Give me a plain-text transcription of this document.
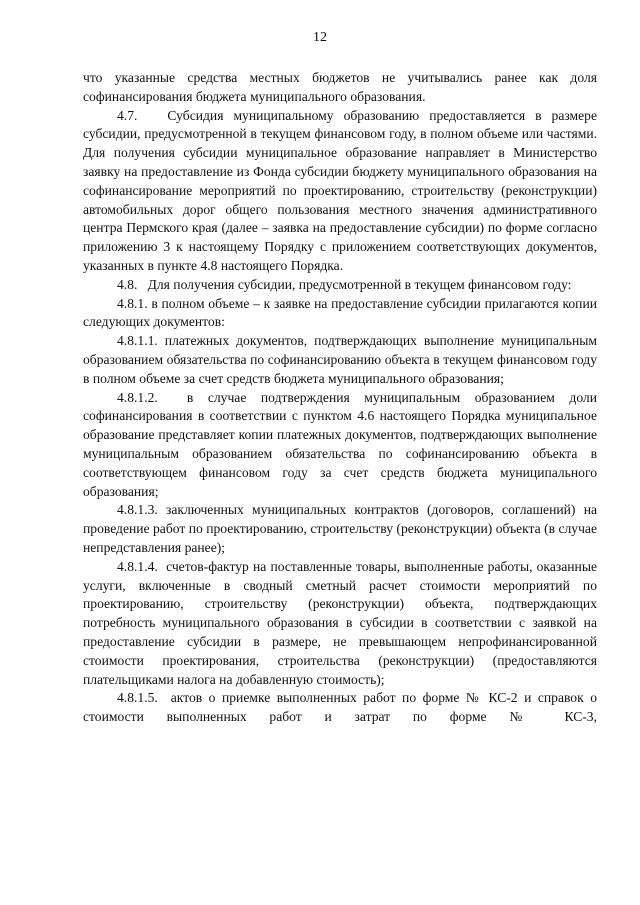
12

что указанные средства местных бюджетов не учитывались ранее как доля софинансирования бюджета муниципального образования.

4.7.   Субсидия муниципальному образованию предоставляется в размере субсидии, предусмотренной в текущем финансовом году, в полном объеме или частями. Для получения субсидии муниципальное образование направляет в Министерство заявку на предоставление из Фонда субсидии бюджету муниципального образования на софинансирование мероприятий по проектированию, строительству (реконструкции) автомобильных дорог общего пользования местного значения административного центра Пермского края (далее – заявка на предоставление субсидии) по форме согласно приложению 3 к настоящему Порядку с приложением соответствующих документов, указанных в пункте 4.8 настоящего Порядка.

4.8.   Для получения субсидии, предусмотренной в текущем финансовом году:

4.8.1. в полном объеме – к заявке на предоставление субсидии прилагаются копии следующих документов:

4.8.1.1. платежных документов, подтверждающих выполнение муниципальным образованием обязательства по софинансированию объекта в текущем финансовом году в полном объеме за счет средств бюджета муниципального образования;

4.8.1.2.  в случае подтверждения муниципальным образованием доли софинансирования в соответствии с пунктом 4.6 настоящего Порядка муниципальное образование представляет копии платежных документов, подтверждающих выполнение муниципальным образованием обязательства по софинансированию объекта в соответствующем финансовом году за счет средств бюджета муниципального образования;

4.8.1.3. заключенных муниципальных контрактов (договоров, соглашений) на проведение работ по проектированию, строительству (реконструкции) объекта (в случае непредставления ранее);

4.8.1.4.  счетов-фактур на поставленные товары, выполненные работы, оказанные услуги, включенные в сводный сметный расчет стоимости мероприятий по проектированию, строительству (реконструкции) объекта, подтверждающих потребность муниципального образования в субсидии в соответствии с заявкой на предоставление субсидии в размере, не превышающем непрофинансированной стоимости проектирования, строительства (реконструкции) (предоставляются плательщиками налога на добавленную стоимость);

4.8.1.5.  актов о приемке выполненных работ по форме № КС-2 и справок о стоимости выполненных работ и затрат по форме № КС-3,
